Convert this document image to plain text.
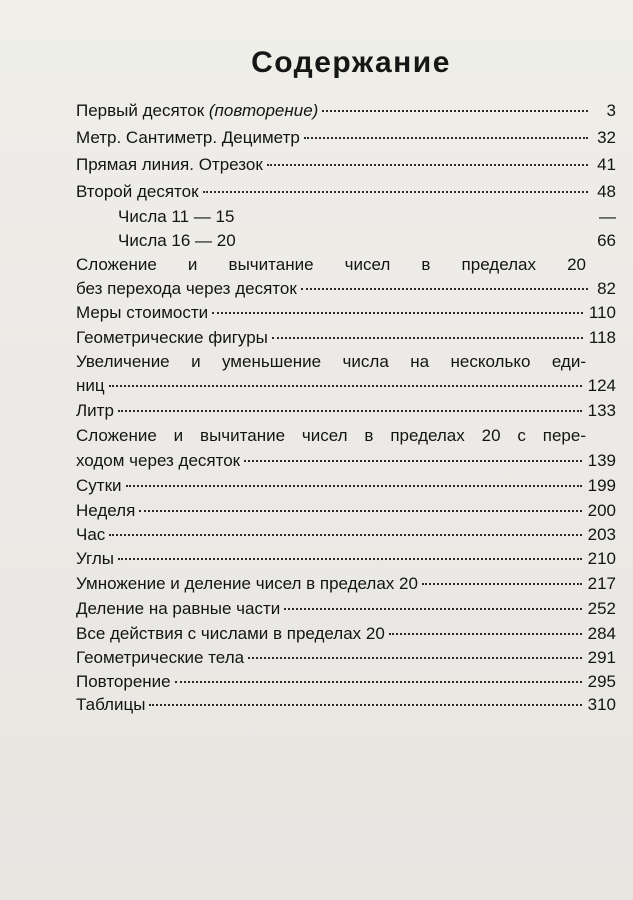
Содержание
Первый десяток (повторение)	3
Метр. Сантиметр. Дециметр	32
Прямая линия. Отрезок	41
Второй десяток	48
Числа 11 — 15	—
Числа 16 — 20	66
Сложение и вычитание чисел в пределах 20
без перехода через десяток	82
Меры стоимости	110
Геометрические фигуры	118
Увеличение и уменьшение числа на несколько еди-
ниц	124
Литр	133
Сложение и вычитание чисел в пределах 20 с пере-
ходом через десяток	139
Сутки	199
Неделя	200
Час	203
Углы	210
Умножение и деление чисел в пределах 20	217
Деление на равные части	252
Все действия с числами в пределах 20	284
Геометрические тела	291
Повторение	295
Таблицы	310
